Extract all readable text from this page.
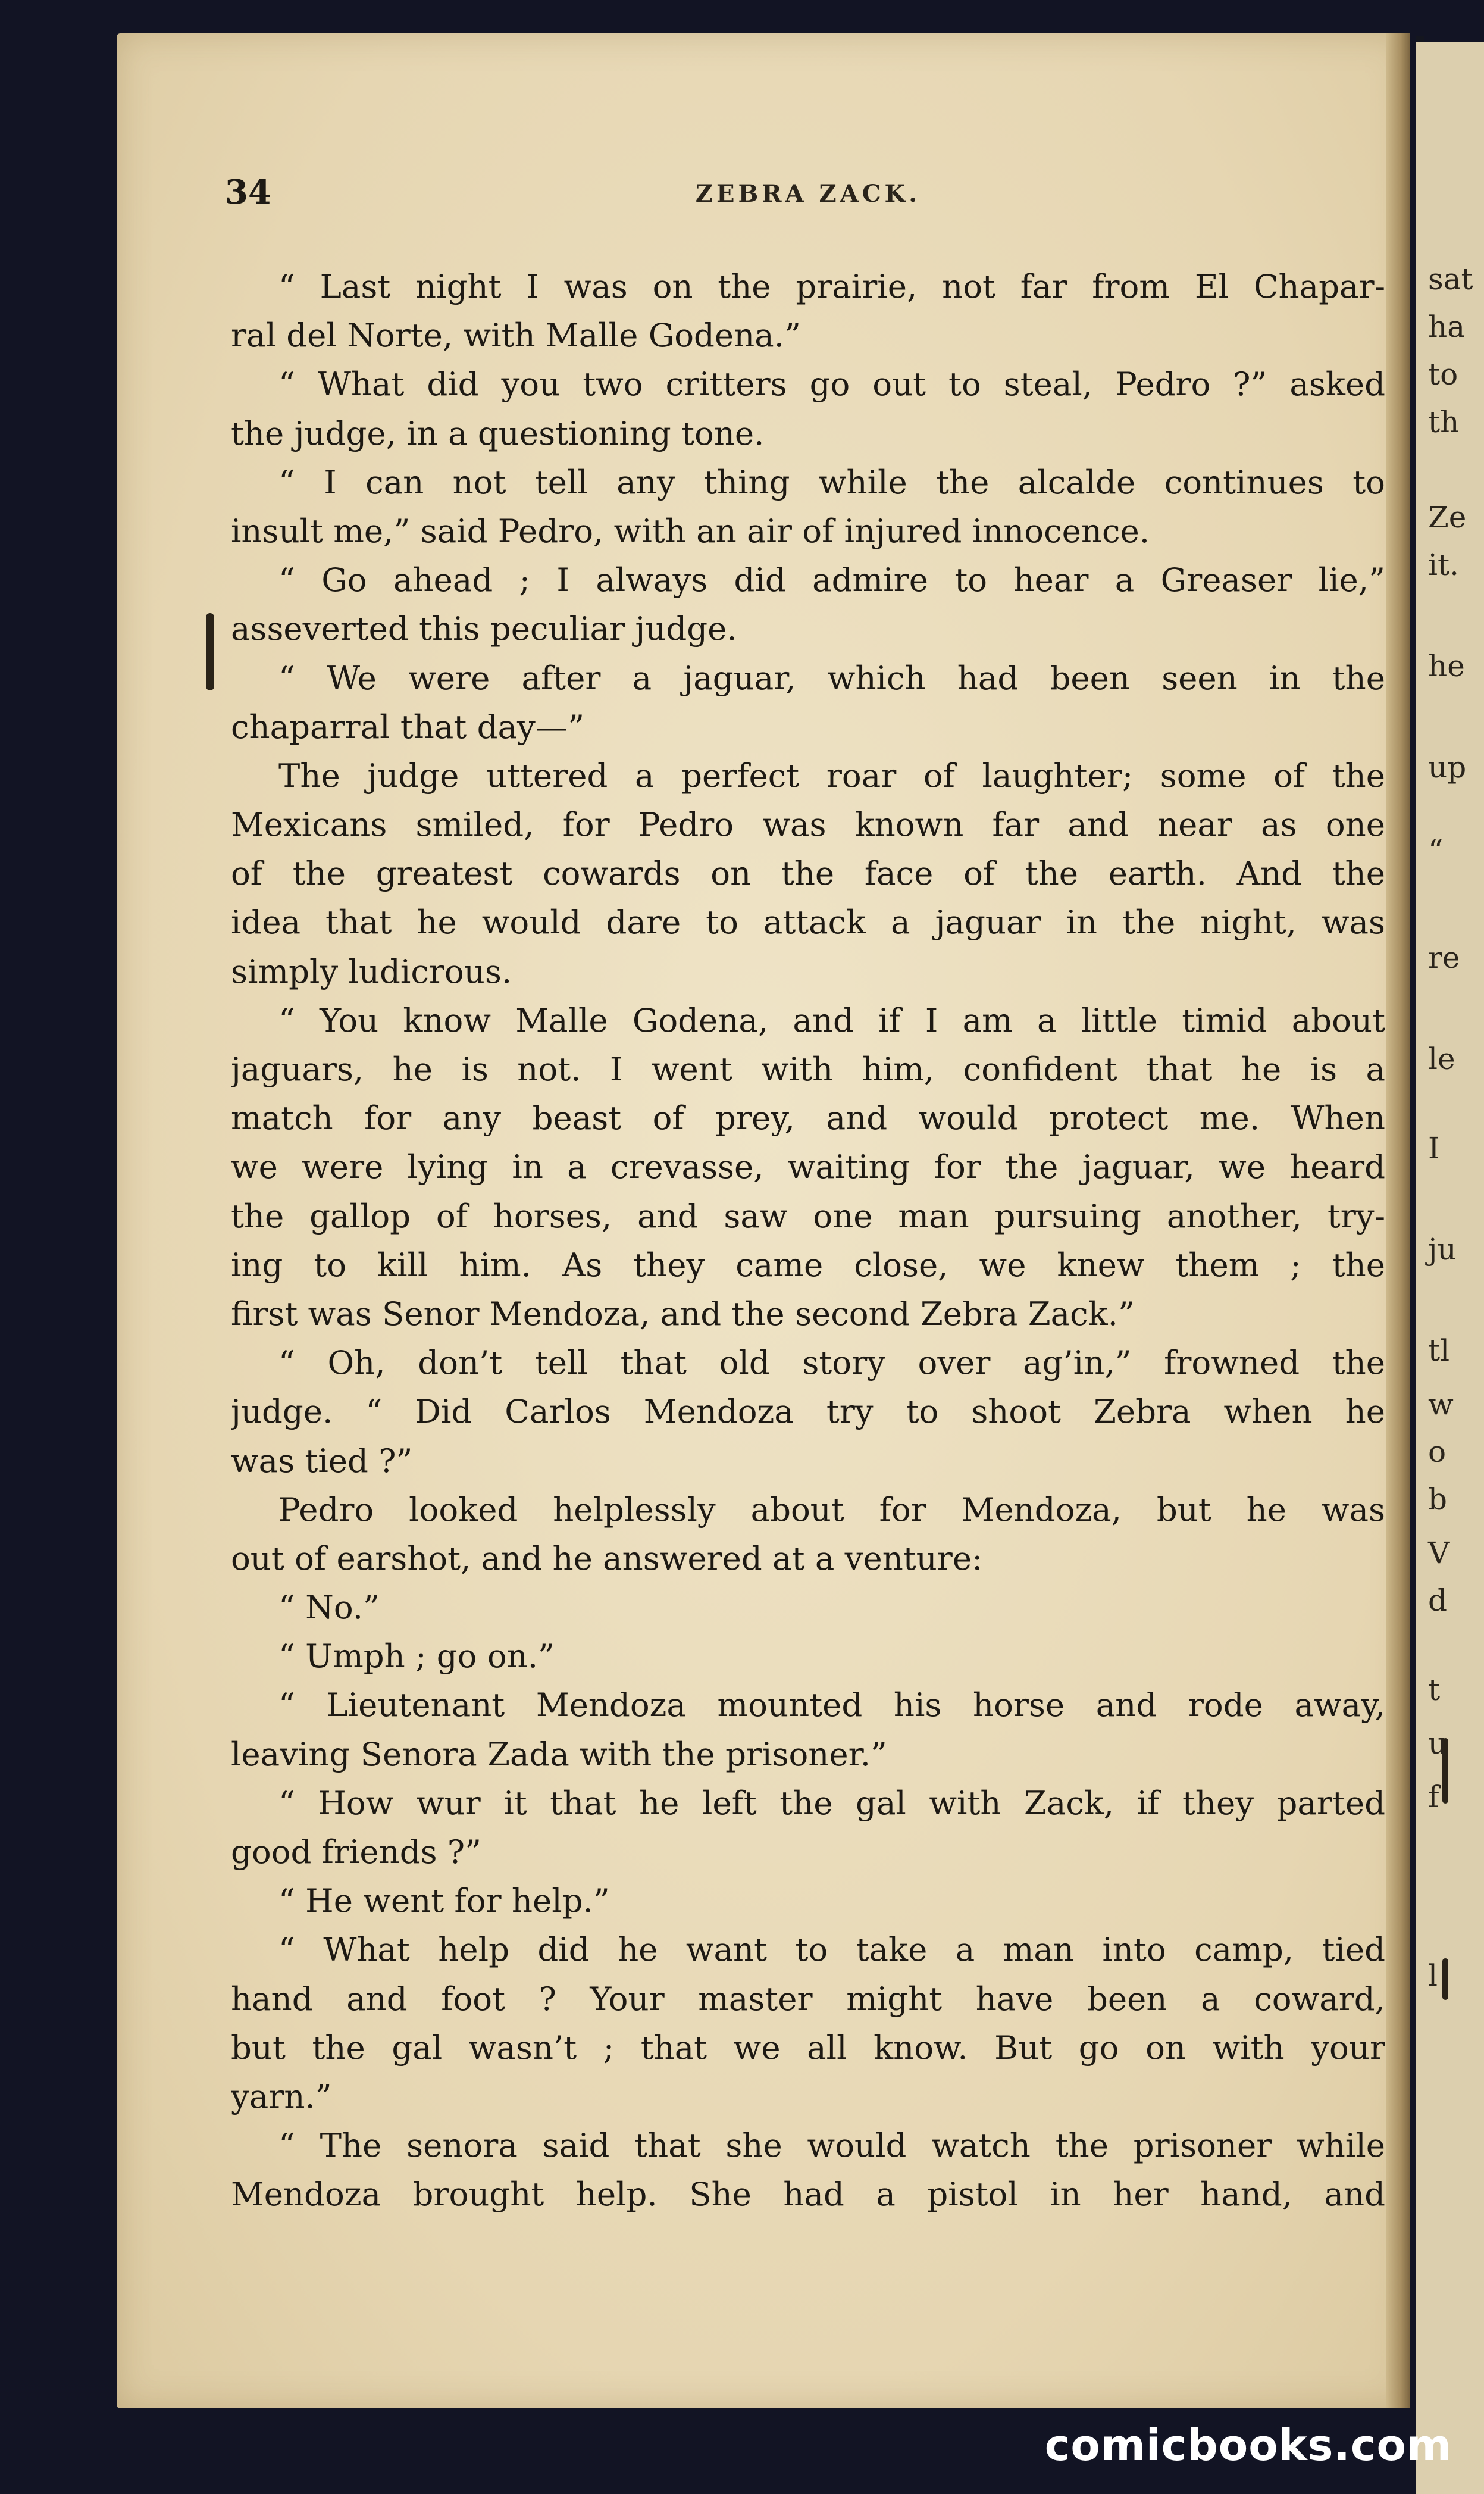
34	ZEBRA ZACK.
“ Last night I was on the prairie, not far from El Chapar-
ral del Norte, with Malle Godena.”
“ What did you two critters go out to steal, Pedro ?” asked
the judge, in a questioning tone.
“ I can not tell any thing while the alcalde continues to
insult me,” said Pedro, with an air of injured innocence.
“ Go ahead ; I always did admire to hear a Greaser lie,”
asseverted this peculiar judge.
“ We were after a jaguar, which had been seen in the
chaparral that day—”
The judge uttered a perfect roar of laughter; some of the
Mexicans smiled, for Pedro was known far and near as one
of the greatest cowards on the face of the earth. And the
idea that he would dare to attack a jaguar in the night, was
simply ludicrous.
“ You know Malle Godena, and if I am a little timid about
jaguars, he is not. I went with him, confident that he is a
match for any beast of prey, and would protect me. When
we were lying in a crevasse, waiting for the jaguar, we heard
the gallop of horses, and saw one man pursuing another, try-
ing to kill him. As they came close, we knew them ; the
first was Senor Mendoza, and the second Zebra Zack.”
“ Oh, don’t tell that old story over ag’in,” frowned the
judge. “ Did Carlos Mendoza try to shoot Zebra when he
was tied ?”
Pedro looked helplessly about for Mendoza, but he was
out of earshot, and he answered at a venture:
“ No.”
“ Umph ; go on.”
“ Lieutenant Mendoza mounted his horse and rode away,
leaving Senora Zada with the prisoner.”
“ How wur it that he left the gal with Zack, if they parted
good friends ?”
“ He went for help.”
“ What help did he want to take a man into camp, tied
hand and foot ? Your master might have been a coward,
but the gal wasn’t ; that we all know. But go on with your
yarn.”
“ The senora said that she would watch the prisoner while
Mendoza brought help. She had a pistol in her hand, and
sat
ha
to
th
Ze
it.
he
up
“
re
le
I
ju
tl
w
o
b
V
d
t
u
f
l
comicbooks.com
